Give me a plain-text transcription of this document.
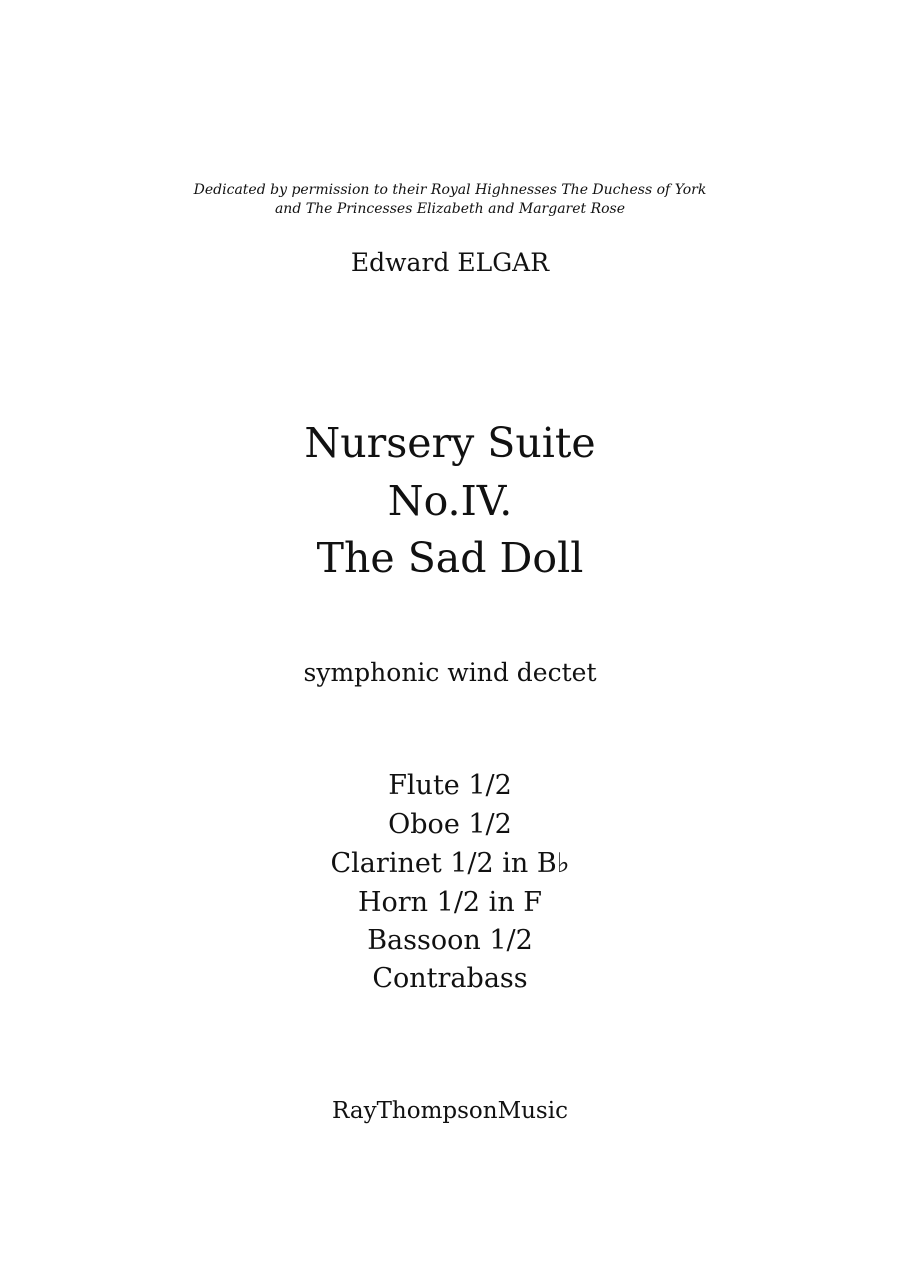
Dedicated by permission to their Royal Highnesses The Duchess of York
and The Princesses Elizabeth and Margaret Rose
Edward ELGAR
Nursery Suite
No.IV.
The Sad Doll
symphonic wind dectet
Flute 1/2
Oboe 1/2
Clarinet 1/2 in B♭
Horn 1/2 in F
Bassoon 1/2
Contrabass
RayThompsonMusic
